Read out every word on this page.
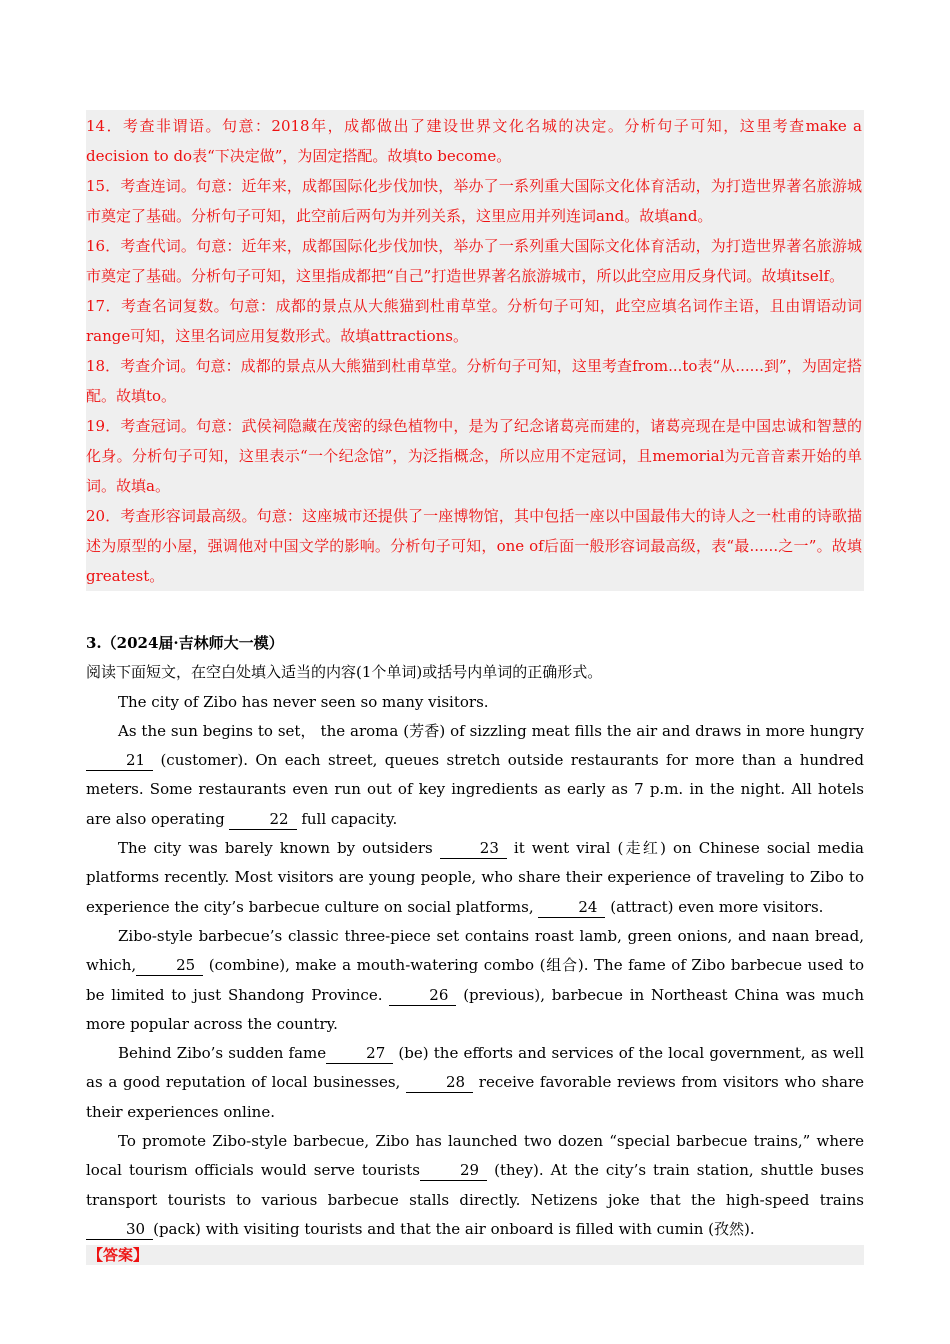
14．考查非谓语。句意：2018年，成都做出了建设世界文化名城的决定。分析句子可知，这里考查make a decision to do表“下决定做”，为固定搭配。故填to become。

15．考查连词。句意：近年来，成都国际化步伐加快，举办了一系列重大国际文化体育活动，为打造世界著名旅游城市奠定了基础。分析句子可知，此空前后两句为并列关系，这里应用并列连词and。故填and。

16．考查代词。句意：近年来，成都国际化步伐加快，举办了一系列重大国际文化体育活动，为打造世界著名旅游城市奠定了基础。分析句子可知，这里指成都把“自己”打造世界著名旅游城市，所以此空应用反身代词。故填itself。

17．考查名词复数。句意：成都的景点从大熊猫到杜甫草堂。分析句子可知，此空应填名词作主语，且由谓语动词range可知，这里名词应用复数形式。故填attractions。

18．考查介词。句意：成都的景点从大熊猫到杜甫草堂。分析句子可知，这里考查from...to表“从......到”，为固定搭配。故填to。

19．考查冠词。句意：武侯祠隐藏在茂密的绿色植物中，是为了纪念诸葛亮而建的，诸葛亮现在是中国忠诚和智慧的化身。分析句子可知，这里表示“一个纪念馆”，为泛指概念，所以应用不定冠词，且memorial为元音音素开始的单词。故填a。

20．考查形容词最高级。句意：这座城市还提供了一座博物馆，其中包括一座以中国最伟大的诗人之一杜甫的诗歌描述为原型的小屋，强调他对中国文学的影响。分析句子可知，one of后面一般形容词最高级，表“最......之一”。故填greatest。

3.（2024届·吉林师大一模）

阅读下面短文，在空白处填入适当的内容(1个单词)或括号内单词的正确形式。

The city of Zibo has never seen so many visitors.

As the sun begins to set， the aroma (芳香) of sizzling meat fills the air and draws in more hungry 21 (customer). On each street, queues stretch outside restaurants for more than a hundred meters. Some restaurants even run out of key ingredients as early as 7 p.m. in the night. All hotels are also operating	22 full capacity.

The city was barely known by outsiders	23 it went viral (走红) on Chinese social media platforms recently. Most visitors are young people, who share their experience of traveling to Zibo to experience the city’s barbecue culture on social platforms,	24 (attract) even more visitors.

Zibo-style barbecue’s classic three-piece set contains roast lamb, green onions, and naan bread, which,	25 (combine), make a mouth-watering combo (组合). The fame of Zibo barbecue used to be limited to just Shandong Province.	26 (previous), barbecue in Northeast China was much more popular across the country.

Behind Zibo’s sudden fame	27 (be) the efforts and services of the local government, as well as a good reputation of local businesses,	28 receive favorable reviews from visitors who share their experiences online.

To promote Zibo-style barbecue, Zibo has launched two dozen “special barbecue trains,” where local tourism officials would serve tourists	29 (they). At the city’s train station, shuttle buses transport tourists to various barbecue stalls directly. Netizens joke that the high-speed trains 30 (pack) with visiting tourists and that the air onboard is filled with cumin (孜然).

【答案】
